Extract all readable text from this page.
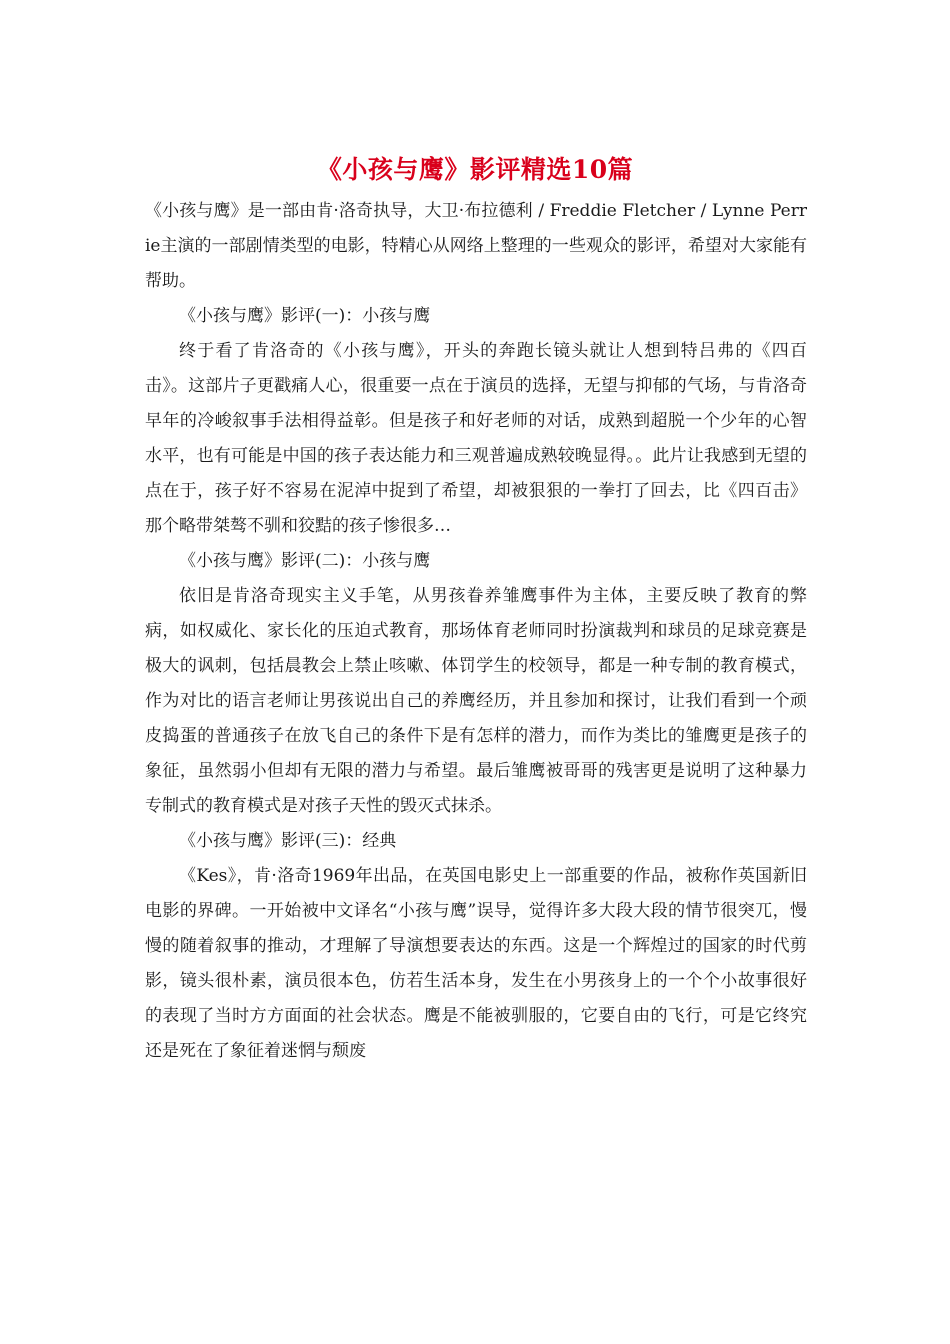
《小孩与鹰》影评精选10篇

《小孩与鹰》是一部由肯·洛奇执导，大卫·布拉德利 / Freddie Fletcher / Lynne Perrie主演的一部剧情类型的电影，特精心从网络上整理的一些观众的影评，希望对大家能有帮助。

《小孩与鹰》影评(一)：小孩与鹰

终于看了肯洛奇的《小孩与鹰》，开头的奔跑长镜头就让人想到特吕弗的《四百击》。这部片子更戳痛人心，很重要一点在于演员的选择，无望与抑郁的气场，与肯洛奇早年的冷峻叙事手法相得益彰。但是孩子和好老师的对话，成熟到超脱一个少年的心智水平，也有可能是中国的孩子表达能力和三观普遍成熟较晚显得。。此片让我感到无望的点在于，孩子好不容易在泥淖中捉到了希望，却被狠狠的一拳打了回去，比《四百击》那个略带桀骜不驯和狡黠的孩子惨很多…

《小孩与鹰》影评(二)：小孩与鹰

依旧是肯洛奇现实主义手笔，从男孩眷养雏鹰事件为主体，主要反映了教育的弊病，如权威化、家长化的压迫式教育，那场体育老师同时扮演裁判和球员的足球竞赛是极大的讽刺，包括晨教会上禁止咳嗽、体罚学生的校领导，都是一种专制的教育模式，作为对比的语言老师让男孩说出自己的养鹰经历，并且参加和探讨，让我们看到一个顽皮捣蛋的普通孩子在放飞自己的条件下是有怎样的潜力，而作为类比的雏鹰更是孩子的象征，虽然弱小但却有无限的潜力与希望。最后雏鹰被哥哥的残害更是说明了这种暴力专制式的教育模式是对孩子天性的毁灭式抹杀。

《小孩与鹰》影评(三)：经典

《Kes》，肯·洛奇1969年出品，在英国电影史上一部重要的作品，被称作英国新旧电影的界碑。一开始被中文译名“小孩与鹰”误导，觉得许多大段大段的情节很突兀，慢慢的随着叙事的推动，才理解了导演想要表达的东西。这是一个辉煌过的国家的时代剪影，镜头很朴素，演员很本色，仿若生活本身，发生在小男孩身上的一个个小故事很好的表现了当时方方面面的社会状态。鹰是不能被驯服的，它要自由的飞行，可是它终究还是死在了象征着迷惘与颓废
